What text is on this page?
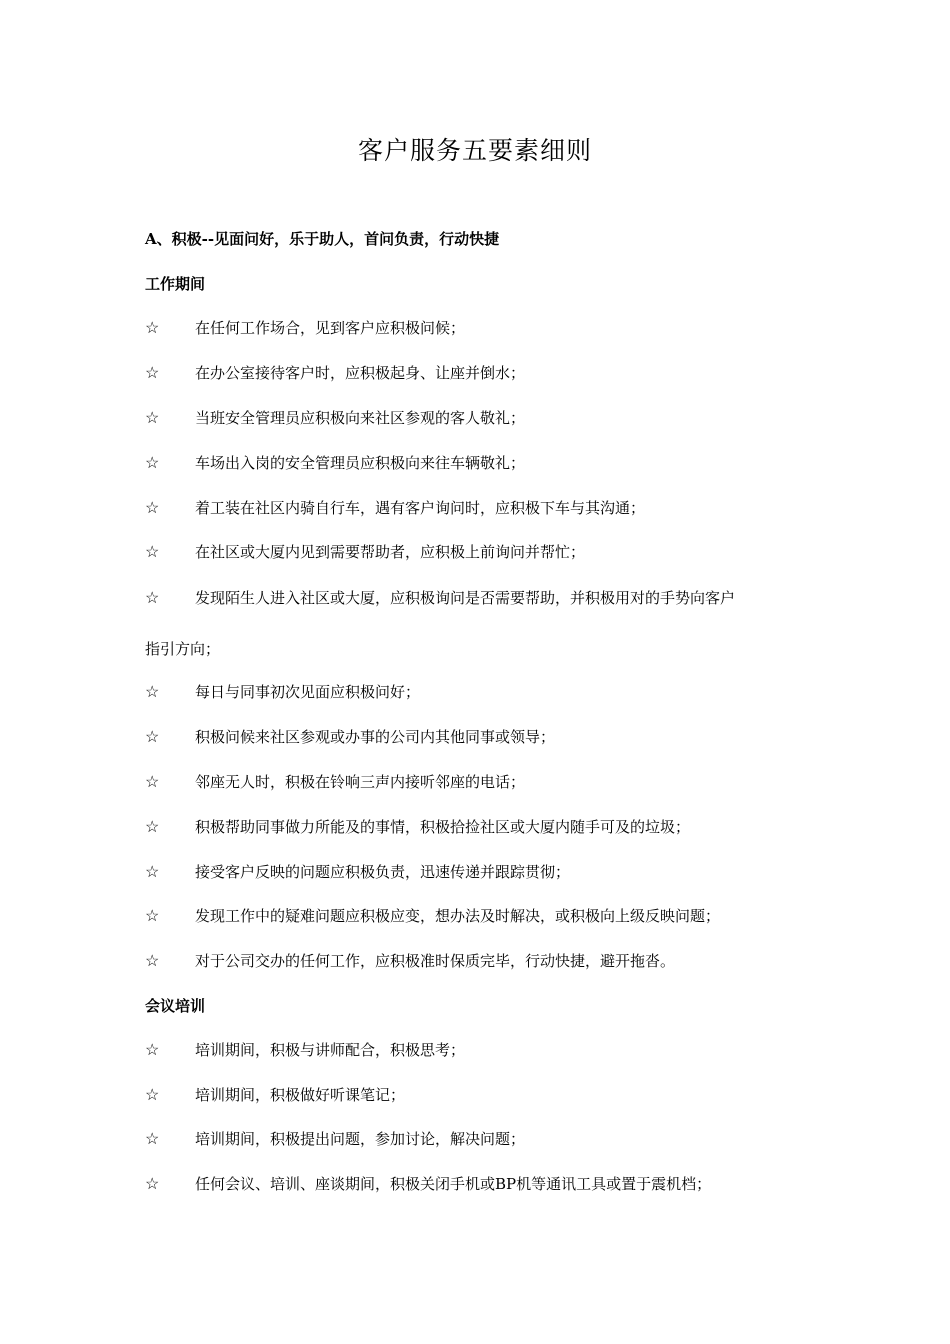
客户服务五要素细则
A、积极--见面问好，乐于助人，首问负责，行动快捷
工作期间
☆ 在任何工作场合，见到客户应积极问候；
☆ 在办公室接待客户时，应积极起身、让座并倒水；
☆ 当班安全管理员应积极向来社区参观的客人敬礼；
☆ 车场出入岗的安全管理员应积极向来往车辆敬礼；
☆ 着工装在社区内骑自行车，遇有客户询问时，应积极下车与其沟通；
☆ 在社区或大厦内见到需要帮助者，应积极上前询问并帮忙；
☆ 发现陌生人进入社区或大厦，应积极询问是否需要帮助，并积极用对的手势向客户
指引方向；
☆ 每日与同事初次见面应积极问好；
☆ 积极问候来社区参观或办事的公司内其他同事或领导；
☆ 邻座无人时，积极在铃响三声内接听邻座的电话；
☆ 积极帮助同事做力所能及的事情，积极拾捡社区或大厦内随手可及的垃圾；
☆ 接受客户反映的问题应积极负责，迅速传递并跟踪贯彻；
☆ 发现工作中的疑难问题应积极应变，想办法及时解决，或积极向上级反映问题；
☆ 对于公司交办的任何工作，应积极准时保质完毕，行动快捷，避开拖沓。
会议培训
☆ 培训期间，积极与讲师配合，积极思考；
☆ 培训期间，积极做好听课笔记；
☆ 培训期间，积极提出问题，参加讨论，解决问题；
☆ 任何会议、培训、座谈期间，积极关闭手机或BP机等通讯工具或置于震机档；
